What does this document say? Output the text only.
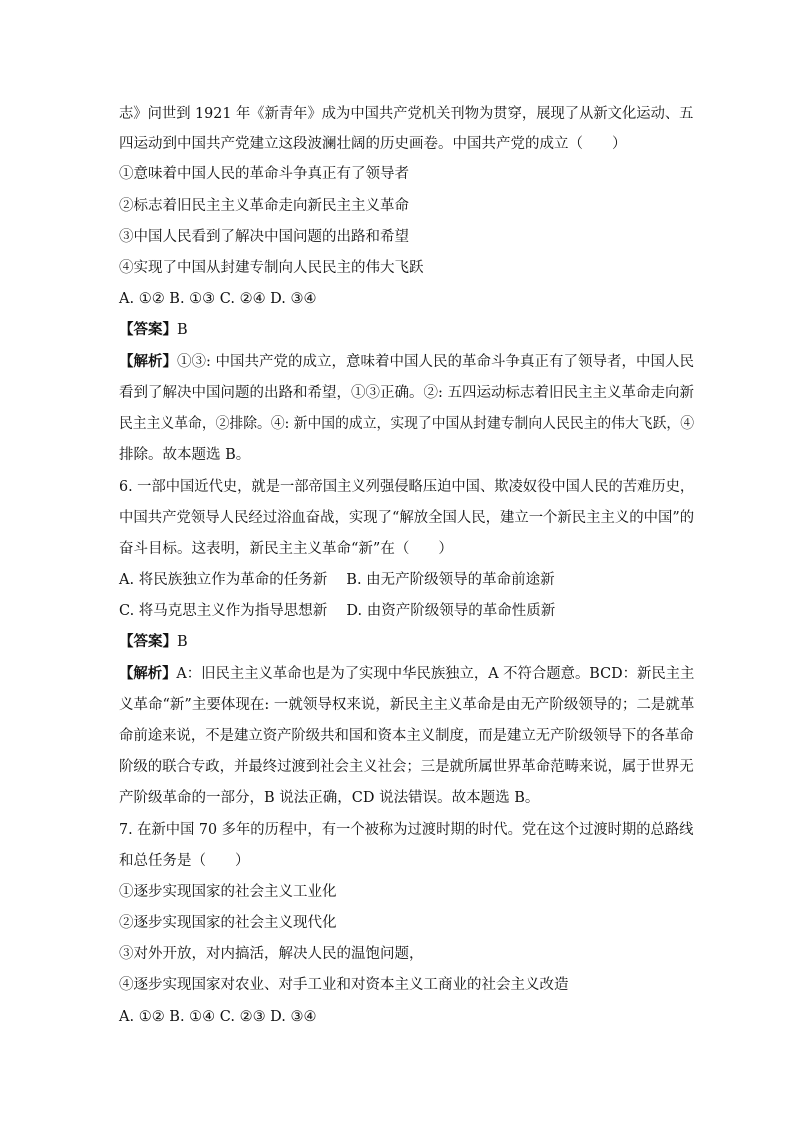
志》问世到 1921 年《新青年》成为中国共产党机关刊物为贯穿，展现了从新文化运动、五
四运动到中国共产党建立这段波澜壮阔的历史画卷。中国共产党的成立（　　）
①意味着中国人民的革命斗争真正有了领导者
②标志着旧民主主义革命走向新民主主义革命
③中国人民看到了解决中国问题的出路和希望
④实现了中国从封建专制向人民民主的伟大飞跃
A. ①② B. ①③ C. ②④ D. ③④
【答案】B
【解析】①③: 中国共产党的成立，意味着中国人民的革命斗争真正有了领导者，中国人民
看到了解决中国问题的出路和希望，①③正确。②: 五四运动标志着旧民主主义革命走向新
民主主义革命，②排除。④: 新中国的成立，实现了中国从封建专制向人民民主的伟大飞跃，④
排除。故本题选 B。
6. 一部中国近代史，就是一部帝国主义列强侵略压迫中国、欺凌奴役中国人民的苦难历史，
中国共产党领导人民经过浴血奋战，实现了“解放全国人民，建立一个新民主主义的中国”的
奋斗目标。这表明，新民主主义革命“新”在（　　）
A. 将民族独立作为革命的任务新　 B. 由无产阶级领导的革命前途新
C. 将马克思主义作为指导思想新　 D. 由资产阶级领导的革命性质新
【答案】B
【解析】A：旧民主主义革命也是为了实现中华民族独立，A 不符合题意。BCD：新民主主
义革命“新”主要体现在: 一就领导权来说，新民主主义革命是由无产阶级领导的；二是就革
命前途来说，不是建立资产阶级共和国和资本主义制度，而是建立无产阶级领导下的各革命
阶级的联合专政，并最终过渡到社会主义社会；三是就所属世界革命范畴来说，属于世界无
产阶级革命的一部分，B 说法正确，CD 说法错误。故本题选 B。
7. 在新中国 70 多年的历程中，有一个被称为过渡时期的时代。党在这个过渡时期的总路线
和总任务是（　　）
①逐步实现国家的社会主义工业化
②逐步实现国家的社会主义现代化
③对外开放，对内搞活，解决人民的温饱问题，
④逐步实现国家对农业、对手工业和对资本主义工商业的社会主义改造
A. ①② B. ①④ C. ②③ D. ③④
